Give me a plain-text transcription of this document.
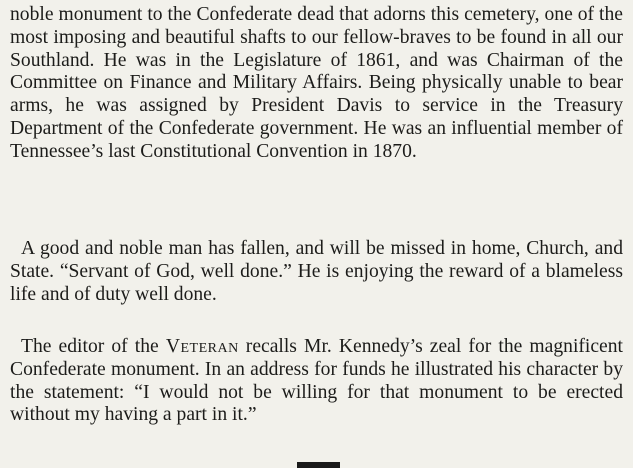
noble monument to the Confederate dead that adorns this cemetery, one of the most imposing and beautiful shafts to our fellow-braves to be found in all our Southland. He was in the Legislature of 1861, and was Chairman of the Committee on Finance and Military Affairs. Being physically unable to bear arms, he was assigned by President Davis to service in the Treasury Department of the Confederate government. He was an influential member of Tennessee’s last Constitutional Convention in 1870.

A good and noble man has fallen, and will be missed in home, Church, and State. “Servant of God, well done.” He is enjoying the reward of a blameless life and of duty well done.

The editor of the Veteran recalls Mr. Kennedy’s zeal for the magnificent Confederate monument. In an address for funds he illustrated his character by the statement: “I would not be willing for that monument to be erected without my having a part in it.”
